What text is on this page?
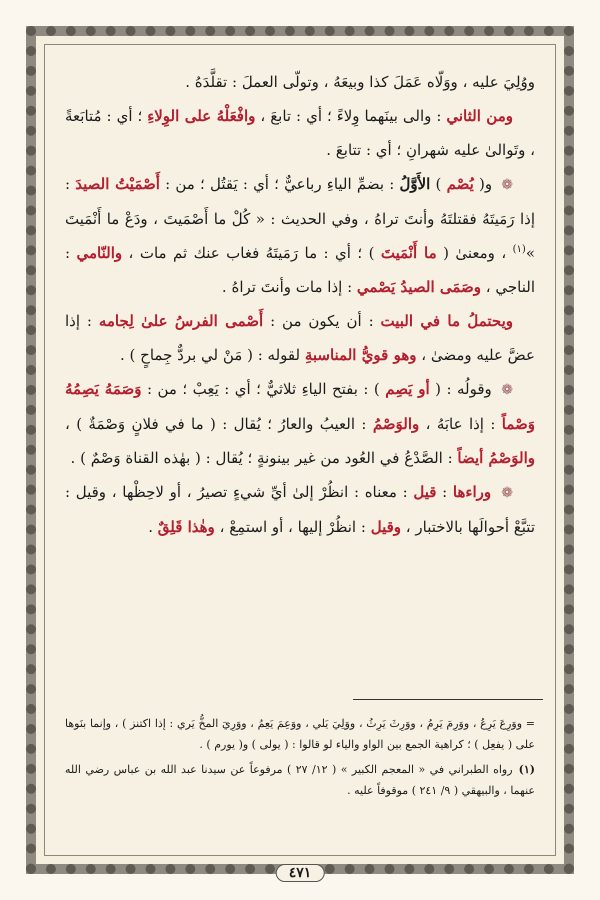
ووُلِيَ عليه ، ووَلّاه عَمَلَ كذا وبيعَهُ ، وتولّى العملَ : تقلَّدَهُ .

ومن الثاني : والى بينَهما وِلاءً ؛ أي : تابعَ ، وافْعَلْهُ على الوِلاءِ ؛ أي : مُتابَعةً ، وتَوالىٰ عليه شهرانِ ؛ أي : تتابعَ .

❁ و( يُصْم ) الأَوَّلُ : بضمِّ الياءِ رباعيٌّ ؛ أي : يَقتُل ؛ من : أَصْمَيْتُ الصيدَ : إذا رَمَيتَهُ فقتلتَهُ وأنتَ تراهُ ، وفي الحديث : « كُلْ ما أَصْمَيتَ ، ودَعْ ما أَنْمَيتَ »$^{(١)}$ ، ومعنىٰ ( ما أَنْمَيتَ ) ؛ أي : ما رَمَيتَهُ فغاب عنك ثم مات ، والنّامي : الناجي ، وصَمَى الصيدُ يَصْمي : إذا مات وأنتَ تراهُ .

ويحتملُ ما في البيت : أن يكون من : أَصْمى الفرسُ علىٰ لِجامه : إذا عضَّ عليه ومضىٰ ، وهو قويُّ المناسبةِ لقوله : ( مَنْ لي بردٌّ جِماحٍ ) .

❁ وقولُه : ( أو يَصِم ) : بفتح الياءِ ثلاثيٌّ ؛ أي : يَعِبْ ؛ من : وَصَمَهُ يَصِمُهُ وَصْماً : إذا عابَهُ ، والوَصْمُ : العيبُ والعارُ ؛ يُقال : ( ما في فلانٍ وَصْمَةٌ ) ، والوَصْمُ أيضاً : الصَّدْعُ في العُود من غير بينونةٍ ؛ يُقال : ( بهٰذه القناة وَصْمٌ ) .

❁ وراءها : قيل : معناه : انظُرْ إلىٰ أيِّ شيءٍ تصيرُ ، أو لاحِظْها ، وقيل : تتبَّعْ أحوالَها بالاختبار ، وقيل : انظُرْ إليها ، أو استمِعْ ، وهٰذا قَلِقٌ .

= ووَرِعَ يَرِعُ ، ووَرِمَ يَرِمُ ، ووَرِثَ يَرِثُ ، ووَلِيَ يَلي ، ووَعِمَ يَعِمُ ، ووَرِيَ المخُّ يَري : إذا اكتنز ) ، وإنما بنَوها على ( يفعِل ) ؛ كراهية الجمع بين الواو والياء لو قالوا : ( يولى ) و( يورم ) .

(١) رواه الطبراني في « المعجم الكبير » ( ١٢/ ٢٧ ) مرفوعاً عن سيدنا عبد الله بن عباس رضي الله عنهما ، والبيهقي ( ٩/ ٢٤١ ) موقوفاً عليه .

٤٧١
